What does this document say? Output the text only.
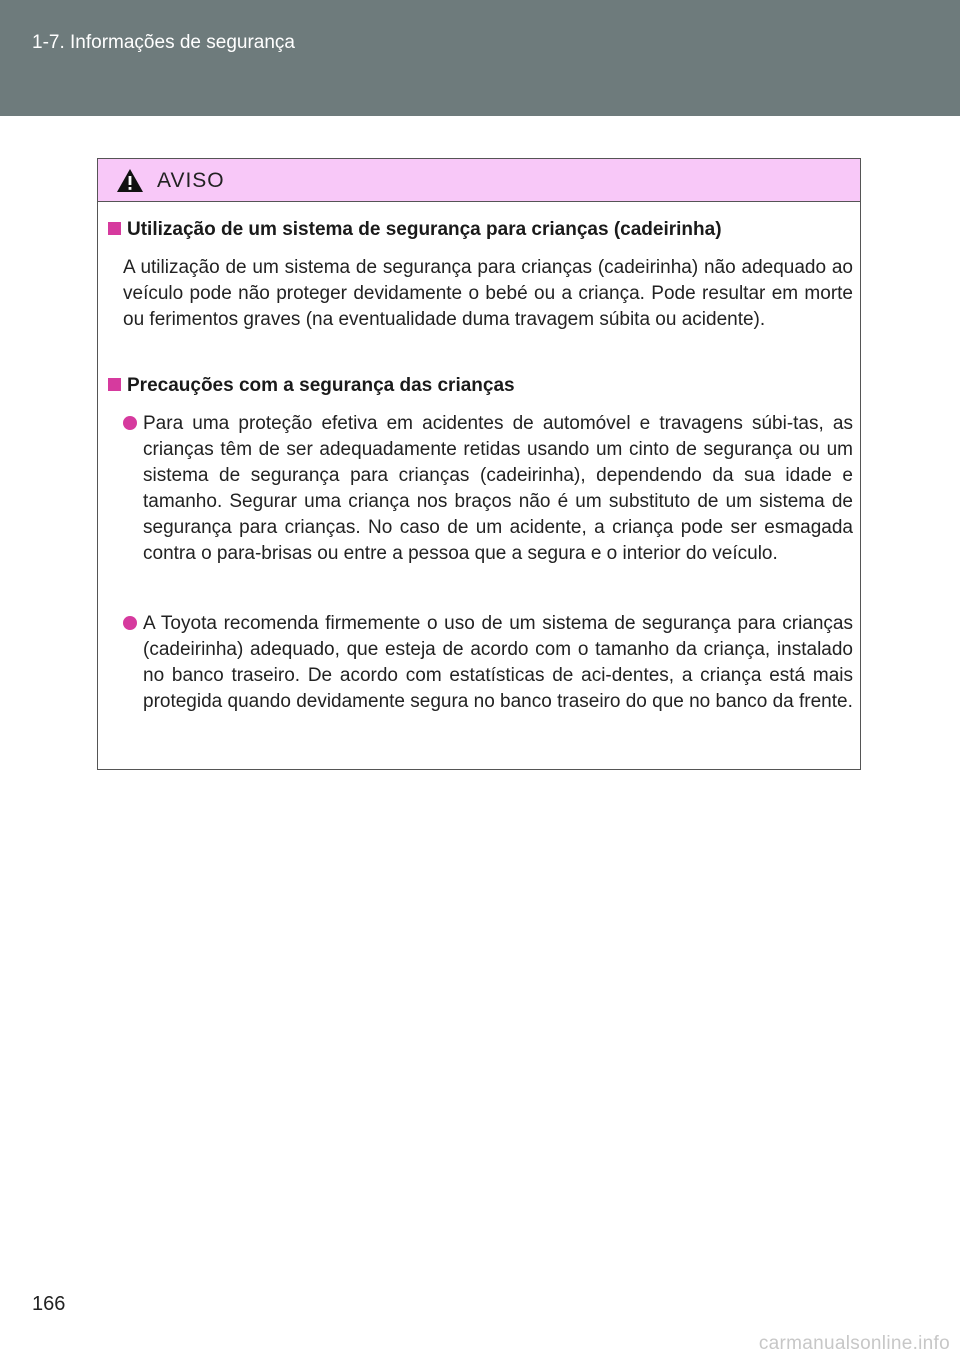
1-7. Informações de segurança
AVISO
Utilização de um sistema de segurança para crianças (cadeirinha)

A utilização de um sistema de segurança para crianças (cadeirinha) não adequado ao veículo pode não proteger devidamente o bebé ou a criança. Pode resultar em morte ou ferimentos graves (na eventualidade duma travagem súbita ou acidente).

Precauções com a segurança das crianças

Para uma proteção efetiva em acidentes de automóvel e travagens súbi-tas, as crianças têm de ser adequadamente retidas usando um cinto de segurança ou um sistema de segurança para crianças (cadeirinha), dependendo da sua idade e tamanho. Segurar uma criança nos braços não é um substituto de um sistema de segurança para crianças. No caso de um acidente, a criança pode ser esmagada contra o para-brisas ou entre a pessoa que a segura e o interior do veículo.

A Toyota recomenda firmemente o uso de um sistema de segurança para crianças (cadeirinha) adequado, que esteja de acordo com o tamanho da criança, instalado no banco traseiro. De acordo com estatísticas de aci-dentes, a criança está mais protegida quando devidamente segura no banco traseiro do que no banco da frente.

166
carmanualsonline.info
